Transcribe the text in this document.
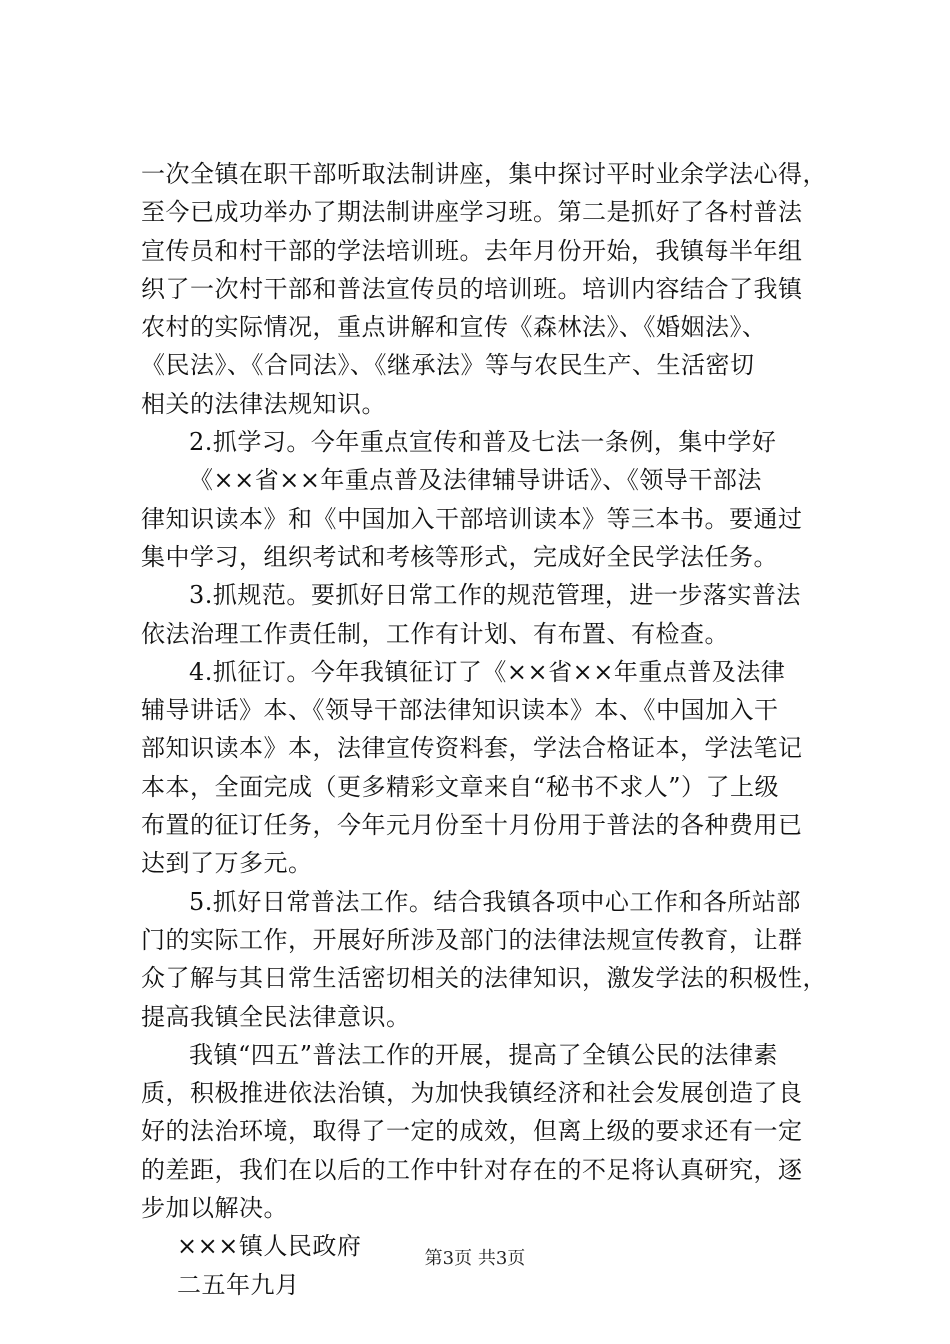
一次全镇在职干部听取法制讲座，集中探讨平时业余学法心得，
至今已成功举办了期法制讲座学习班。第二是抓好了各村普法
宣传员和村干部的学法培训班。去年月份开始，我镇每半年组
织了一次村干部和普法宣传员的培训班。培训内容结合了我镇
农村的实际情况，重点讲解和宣传《森林法》、《婚姻法》、
《民法》、《合同法》、《继承法》等与农民生产、生活密切
相关的法律法规知识。
2.抓学习。今年重点宣传和普及七法一条例，集中学好
《××省××年重点普及法律辅导讲话》、《领导干部法
律知识读本》和《中国加入干部培训读本》等三本书。要通过
集中学习，组织考试和考核等形式，完成好全民学法任务。
3.抓规范。要抓好日常工作的规范管理，进一步落实普法
依法治理工作责任制，工作有计划、有布置、有检查。
4.抓征订。今年我镇征订了《××省××年重点普及法律
辅导讲话》本、《领导干部法律知识读本》本、《中国加入干
部知识读本》本，法律宣传资料套，学法合格证本，学法笔记
本本，全面完成（更多精彩文章来自“秘书不求人”）了上级
布置的征订任务，今年元月份至十月份用于普法的各种费用已
达到了万多元。
5.抓好日常普法工作。结合我镇各项中心工作和各所站部
门的实际工作，开展好所涉及部门的法律法规宣传教育，让群
众了解与其日常生活密切相关的法律知识，激发学法的积极性，
提高我镇全民法律意识。
我镇“四五”普法工作的开展，提高了全镇公民的法律素
质，积极推进依法治镇，为加快我镇经济和社会发展创造了良
好的法治环境，取得了一定的成效，但离上级的要求还有一定
的差距，我们在以后的工作中针对存在的不足将认真研究，逐
步加以解决。
×××镇人民政府
二五年九月
第3页 共3页
